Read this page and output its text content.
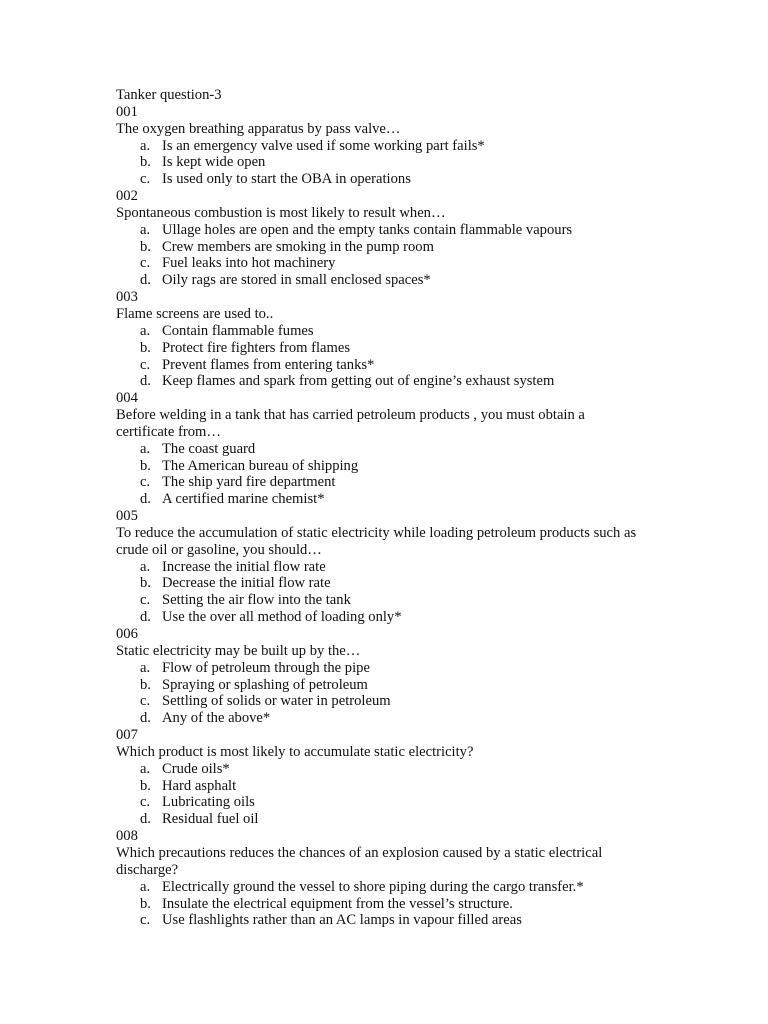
Tanker question-3
001
The oxygen breathing apparatus by pass valve…
a. Is an emergency valve used if some working part fails*
b. Is kept wide open
c. Is used only to start the OBA in operations
002
Spontaneous combustion is most likely to result when…
a. Ullage holes are open and the empty tanks contain flammable vapours
b. Crew members are smoking in the pump room
c. Fuel leaks into hot machinery
d. Oily rags are stored in small enclosed spaces*
003
Flame screens are used to..
a. Contain flammable fumes
b. Protect fire fighters from flames
c. Prevent flames from entering tanks*
d. Keep flames and spark from getting out of engine’s exhaust system
004
Before welding in a tank that has carried petroleum products , you must obtain a certificate from…
a. The coast guard
b. The American bureau of shipping
c. The ship yard fire department
d. A certified marine chemist*
005
To reduce the accumulation of static electricity while loading petroleum products such as crude oil or gasoline, you should…
a. Increase the initial flow rate
b. Decrease the initial flow rate
c. Setting the air flow into the tank
d. Use the over all method of loading only*
006
Static electricity may be built up by the…
a. Flow of petroleum through the pipe
b. Spraying or splashing of petroleum
c. Settling of solids or water in petroleum
d. Any of the above*
007
Which product is most likely to accumulate static electricity?
a. Crude oils*
b. Hard asphalt
c. Lubricating oils
d. Residual fuel oil
008
Which precautions reduces the chances of an explosion caused by a static electrical discharge?
a. Electrically ground the vessel to shore piping during the cargo transfer.*
b. Insulate the electrical equipment from the vessel’s structure.
c. Use flashlights rather than an AC lamps in vapour filled areas
